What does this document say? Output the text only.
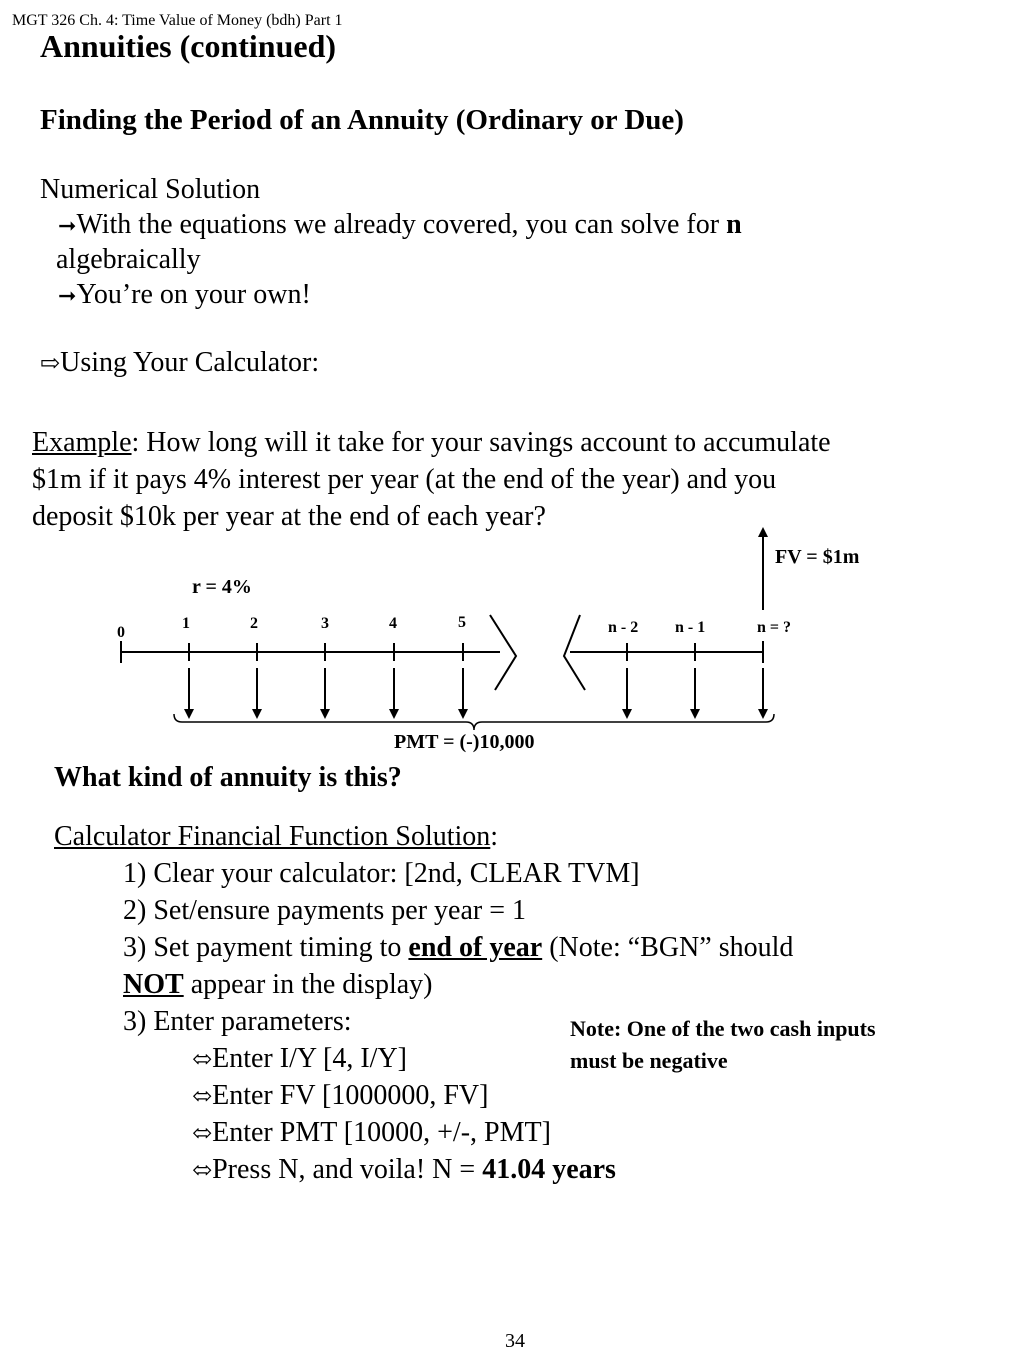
MGT 326 Ch. 4: Time Value of Money (bdh) Part 1
Annuities (continued)
Finding the Period of an Annuity (Ordinary or Due)
Numerical Solution
➞With the equations we already covered, you can solve for n
algebraically
➞You’re on your own!
⇨Using Your Calculator:
Example: How long will it take for your savings account to accumulate
$1m if it pays 4% interest per year (at the end of the year) and you
deposit $10k per year at the end of each year?
FV = $1m
r = 4%
0
1	2	3	4	5	n - 2 n - 1	n = ?
PMT = (-)10,000
What kind of annuity is this?
Calculator Financial Function Solution:
1) Clear your calculator: [2nd, CLEAR TVM]
2) Set/ensure payments per year = 1
3) Set payment timing to end of year (Note: “BGN” should
NOT appear in the display)
3) Enter parameters:
⬄Enter I/Y [4, I/Y]
⬄Enter FV [1000000, FV]
⬄Enter PMT [10000, +/-, PMT]
⬄Press N, and voila! N = 41.04 years
Note: One of the two cash inputs
must be negative
34
